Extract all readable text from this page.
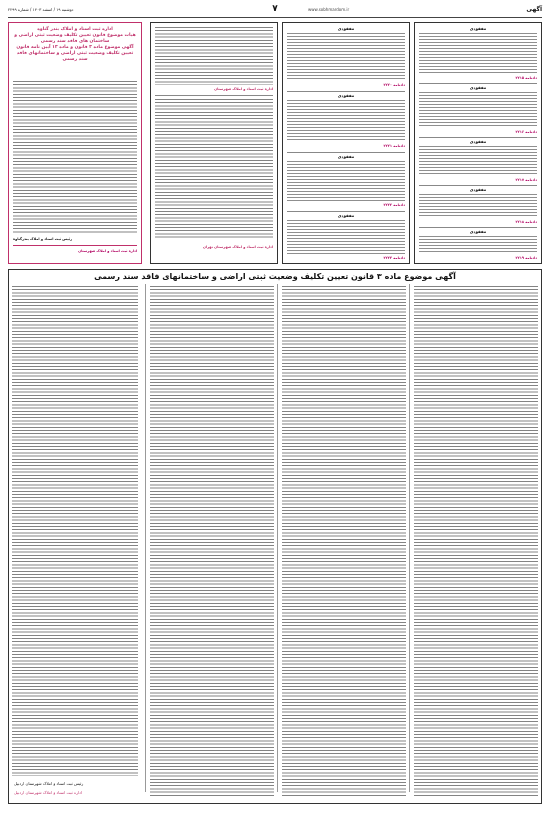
آگهی
۷	www.sobhmardom.ir
دوشنبه ۱۹ / اسفند ۱۴۰۳ / شماره ۲۲۹۹
مفقودی
دادنامه ۲۲۱۵
مفقودی
دادنامه ۲۲۱۶
مفقودی
دادنامه ۲۲۱۷
مفقودی
دادنامه ۲۲۱۸
مفقودی
دادنامه ۲۲۱۹
مفقودی
دادنامه ۲۲۲۰
مفقودی
دادنامه ۲۲۲۱
مفقودی
دادنامه ۲۲۲۲
مفقودی
دادنامه ۲۲۲۳
اداره ثبت اسناد و املاک شهرستان
اداره ثبت اسناد و املاک شهرستان تهران
اداره ثبت اسناد و املاک بندر گناوه
هیات موضوع قانون تعیین تکلیف وضعیت ثبتی اراضی و ساختمان های فاقد سند رسمی
آگهی موضوع ماده ۳ قانون و ماده ۱۳ آیین نامه قانون تعیین تکلیف وضعیت ثبتی اراضی و ساختمانهای فاقد سند رسمی
رئیس ثبت اسناد و املاک بندرگناوه
اداره ثبت اسناد و املاک شهرستان
آگهی موضوع ماده ۳ قانون تعیین تکلیف وضعیت ثبتی اراضی و ساختمانهای فاقد سند رسمی
رئیس ثبت اسناد و املاک شهرستان اردبیل
اداره ثبت اسناد و املاک شهرستان اردبیل
